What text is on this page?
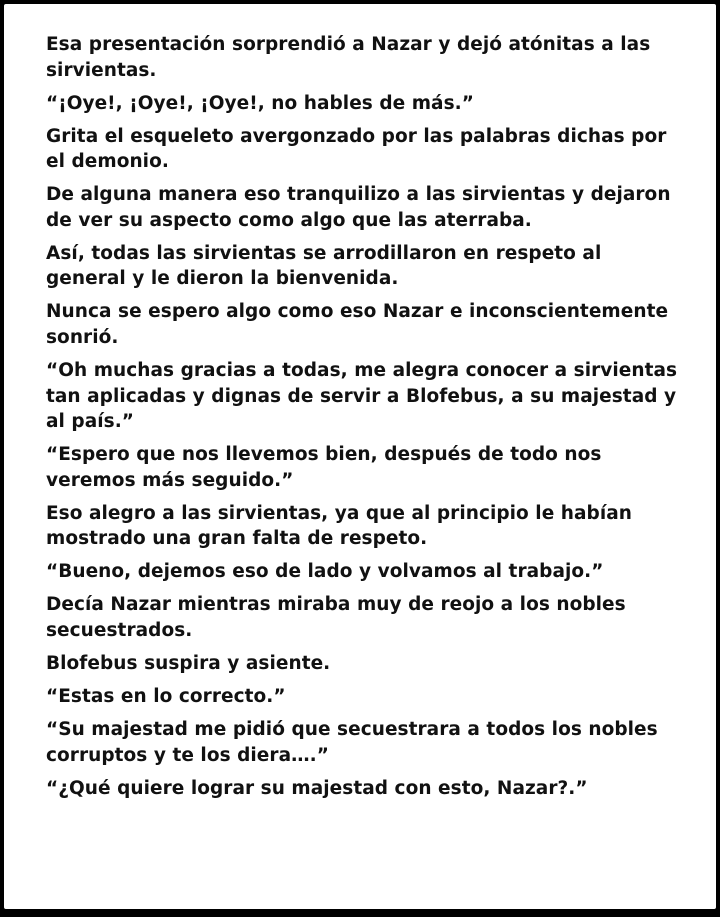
Esa presentación sorprendió a Nazar y dejó atónitas a las sirvientas.

“¡Oye!, ¡Oye!, ¡Oye!, no hables de más.”

Grita el esqueleto avergonzado por las palabras dichas por el demonio.

De alguna manera eso tranquilizo a las sirvientas y dejaron de ver su aspecto como algo que las aterraba.

Así, todas las sirvientas se arrodillaron en respeto al general y le dieron la bienvenida.

Nunca se espero algo como eso Nazar e inconscientemente sonrió.

“Oh muchas gracias a todas, me alegra conocer a sirvientas tan aplicadas y dignas de servir a Blofebus, a su majestad y al país.”

“Espero que nos llevemos bien, después de todo nos veremos más seguido.”

Eso alegro a las sirvientas, ya que al principio le habían mostrado una gran falta de respeto.

“Bueno, dejemos eso de lado y volvamos al trabajo.”

Decía Nazar mientras miraba muy de reojo a los nobles secuestrados.

Blofebus suspira y asiente.

“Estas en lo correcto.”

“Su majestad me pidió que secuestrara a todos los nobles corruptos y te los diera….”

“¿Qué quiere lograr su majestad con esto, Nazar?.”
